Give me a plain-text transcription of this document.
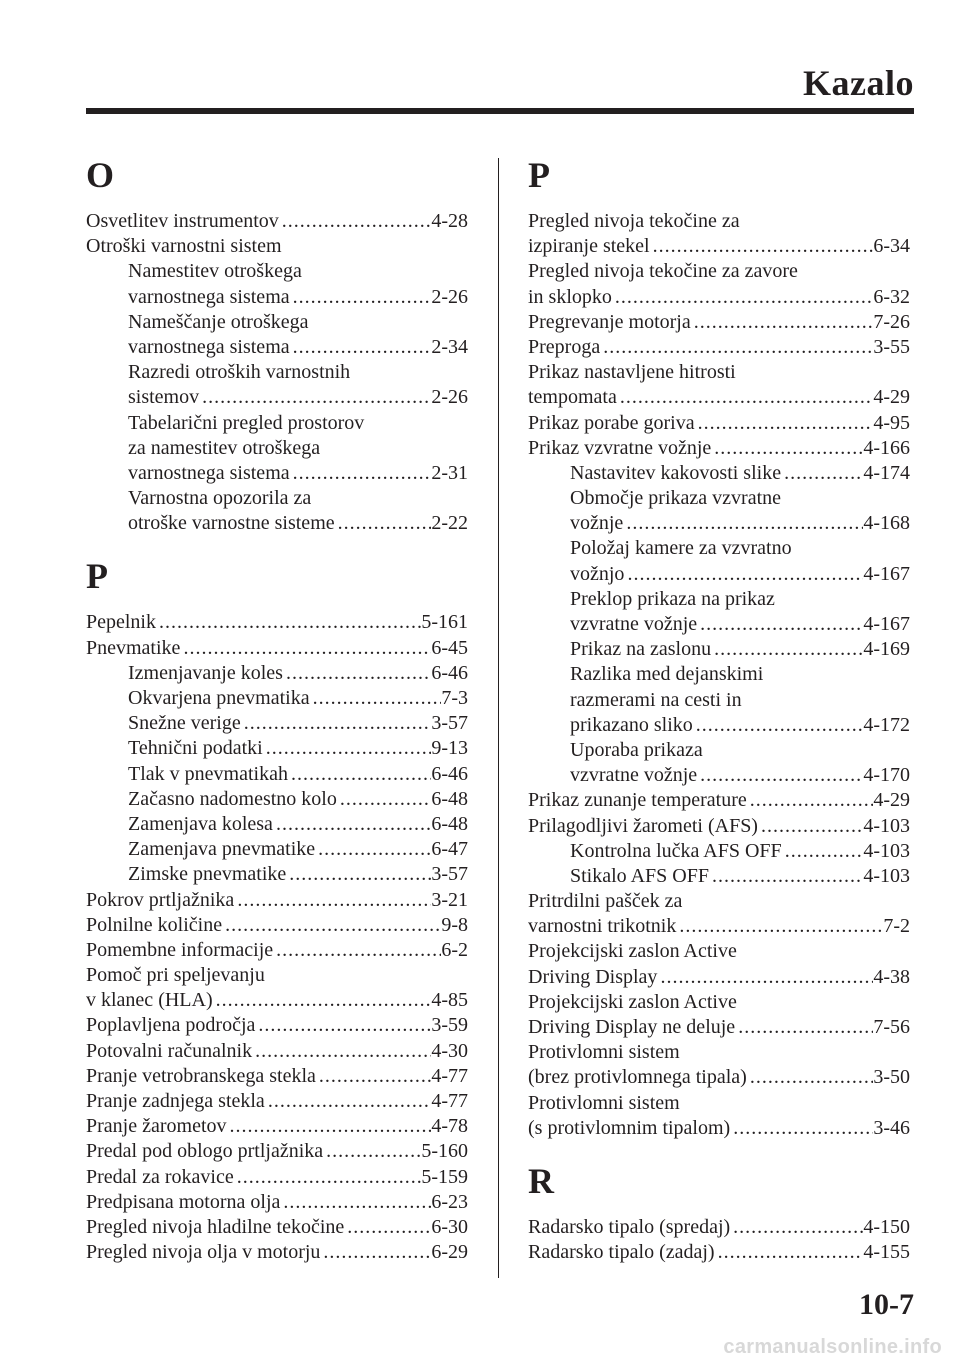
Kazalo
O
Osvetlitev instrumentov .....	4-28
Otroški varnostni sistem
Namestitev otroškega
varnostnega sistema .....	2-26
Nameščanje otroškega
varnostnega sistema .....	2-34
Razredi otroških varnostnih
sistemov .....	2-26
Tabelarični pregled prostorov
za namestitev otroškega
varnostnega sistema .....	2-31
Varnostna opozorila za
otroške varnostne sisteme .....	2-22
P
Pepelnik .....	5-161
Pnevmatike .....	6-45
Izmenjavanje koles .....	6-46
Okvarjena pnevmatika .....	7-3
Snežne verige .....	3-57
Tehnični podatki .....	9-13
Tlak v pnevmatikah .....	6-46
Začasno nadomestno kolo .....	6-48
Zamenjava kolesa .....	6-48
Zamenjava pnevmatike .....	6-47
Zimske pnevmatike .....	3-57
Pokrov prtljažnika .....	3-21
Polnilne količine .....	9-8
Pomembne informacije .....	6-2
Pomoč pri speljevanju
v klanec (HLA) .....	4-85
Poplavljena področja .....	3-59
Potovalni računalnik .....	4-30
Pranje vetrobranskega stekla .....	4-77
Pranje zadnjega stekla .....	4-77
Pranje žarometov .....	4-78
Predal pod oblogo prtljažnika .....	5-160
Predal za rokavice .....	5-159
Predpisana motorna olja .....	6-23
Pregled nivoja hladilne tekočine .....	6-30
Pregled nivoja olja v motorju .....	6-29
P
Pregled nivoja tekočine za
izpiranje stekel .....	6-34
Pregled nivoja tekočine za zavore
in sklopko .....	6-32
Pregrevanje motorja .....	7-26
Preproga .....	3-55
Prikaz nastavljene hitrosti
tempomata .....	4-29
Prikaz porabe goriva .....	4-95
Prikaz vzvratne vožnje .....	4-166
Nastavitev kakovosti slike .....	4-174
Območje prikaza vzvratne
vožnje .....	4-168
Položaj kamere za vzvratno
vožnjo .....	4-167
Preklop prikaza na prikaz
vzvratne vožnje .....	4-167
Prikaz na zaslonu .....	4-169
Razlika med dejanskimi
razmerami na cesti in
prikazano sliko .....	4-172
Uporaba prikaza
vzvratne vožnje .....	4-170
Prikaz zunanje temperature .....	4-29
Prilagodljivi žarometi (AFS) .....	4-103
Kontrolna lučka AFS OFF .....	4-103
Stikalo AFS OFF .....	4-103
Pritrdilni pašček za
varnostni trikotnik .....	7-2
Projekcijski zaslon Active
Driving Display .....	4-38
Projekcijski zaslon Active
Driving Display ne deluje .....	7-56
Protivlomni sistem
(brez protivlomnega tipala) .....	3-50
Protivlomni sistem
(s protivlomnim tipalom) .....	3-46
R
Radarsko tipalo (spredaj) .....	4-150
Radarsko tipalo (zadaj) .....	4-155
10-7
carmanualsonline.info
